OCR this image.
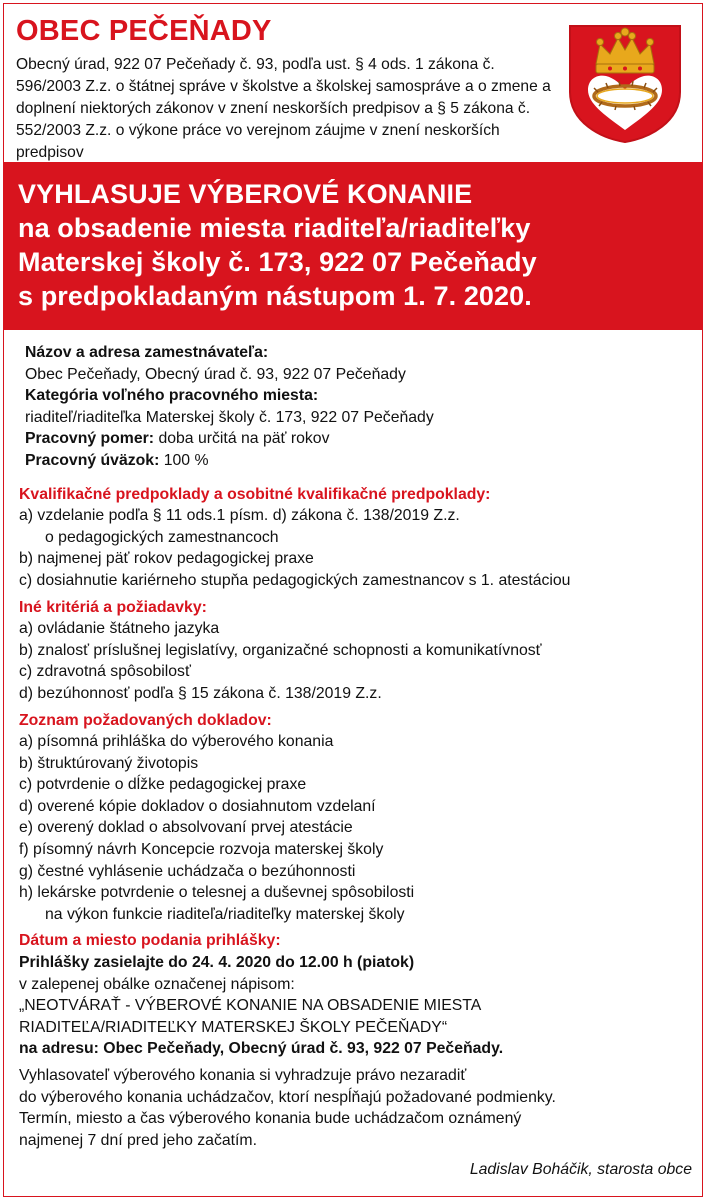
OBEC PEČEŇADY
Obecný úrad, 922 07 Pečeňady č. 93, podľa ust. § 4 ods. 1 zákona č. 596/2003 Z.z. o štátnej správe v školstve a školskej samospráve a o zmene a doplnení niektorých zákonov v znení neskorších predpisov a § 5 zákona č. 552/2003 Z.z. o výkone práce vo verejnom záujme v znení neskorších predpisov

VYHLASUJE VÝBEROVÉ KONANIE

na obsadenie miesta riaditeľa/riaditeľky

Materskej školy č. 173, 922 07 Pečeňady

s predpokladaným nástupom 1. 7. 2020.

Názov a adresa zamestnávateľa:

Obec Pečeňady, Obecný úrad č. 93, 922 07 Pečeňady

Kategória voľného pracovného miesta:

riaditeľ/riaditeľka Materskej školy č. 173, 922 07 Pečeňady

Pracovný pomer: doba určitá na päť rokov

Pracovný úväzok: 100 %

Kvalifikačné predpoklady a osobitné kvalifikačné predpoklady:

a) vzdelanie podľa § 11 ods.1 písm. d) zákona č. 138/2019 Z.z.

o pedagogických zamestnancoch

b) najmenej päť rokov pedagogickej praxe

c) dosiahnutie kariérneho stupňa pedagogických zamestnancov s 1. atestáciou

Iné kritériá a požiadavky:

a) ovládanie štátneho jazyka

b) znalosť príslušnej legislatívy, organizačné schopnosti a komunikatívnosť

c) zdravotná spôsobilosť

d) bezúhonnosť podľa § 15 zákona č. 138/2019 Z.z.

Zoznam požadovaných dokladov:

a) písomná prihláška do výberového konania

b) štruktúrovaný životopis

c) potvrdenie o dĺžke pedagogickej praxe

d) overené kópie dokladov o dosiahnutom vzdelaní

e) overený doklad o absolvovaní prvej atestácie

f) písomný návrh Koncepcie rozvoja materskej školy

g) čestné vyhlásenie uchádzača o bezúhonnosti

h) lekárske potvrdenie o telesnej a duševnej spôsobilosti

na výkon funkcie riaditeľa/riaditeľky materskej školy

Dátum a miesto podania prihlášky:

Prihlášky zasielajte do 24. 4. 2020 do 12.00 h (piatok)

v zalepenej obálke označenej nápisom:

„NEOTVÁRAŤ - VÝBEROVÉ KONANIE NA OBSADENIE MIESTA

RIADITEĽA/RIADITEĽKY MATERSKEJ ŠKOLY PEČEŇADY“

na adresu: Obec Pečeňady, Obecný úrad č. 93, 922 07 Pečeňady.

Vyhlasovateľ výberového konania si vyhradzuje právo nezaradiť

do výberového konania uchádzačov, ktorí nespĺňajú požadované podmienky.

Termín, miesto a čas výberového konania bude uchádzačom oznámený

najmenej 7 dní pred jeho začatím.

Ladislav Boháčik, starosta obce
